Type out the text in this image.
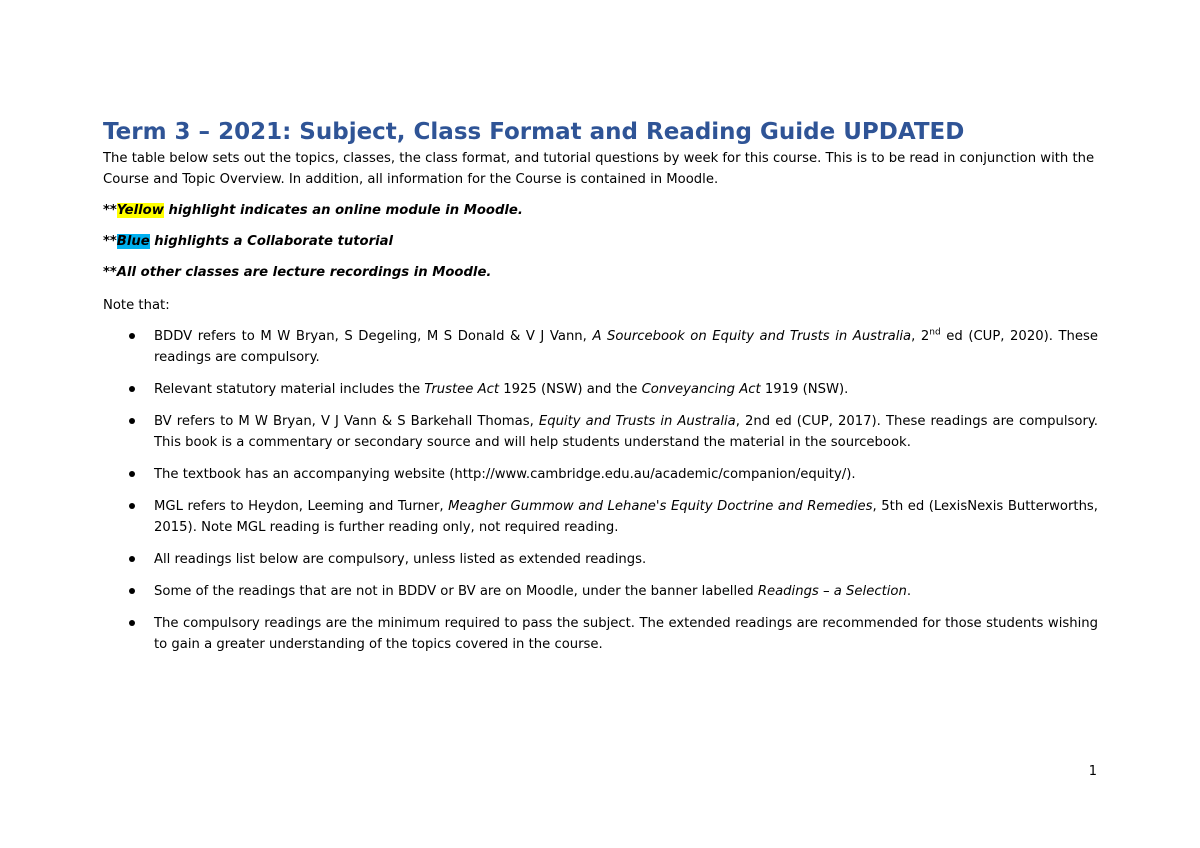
Term 3 – 2021: Subject, Class Format and Reading Guide UPDATED

The table below sets out the topics, classes, the class format, and tutorial questions by week for this course. This is to be read in conjunction with the Course and Topic Overview. In addition, all information for the Course is contained in Moodle.

**Yellow highlight indicates an online module in Moodle.

**Blue highlights a Collaborate tutorial

**All other classes are lecture recordings in Moodle.

Note that:

BDDV refers to M W Bryan, S Degeling, M S Donald & V J Vann, A Sourcebook on Equity and Trusts in Australia, 2nd ed (CUP, 2020). These readings are compulsory.
Relevant statutory material includes the Trustee Act 1925 (NSW) and the Conveyancing Act 1919 (NSW).
BV refers to M W Bryan, V J Vann & S Barkehall Thomas, Equity and Trusts in Australia, 2nd ed (CUP, 2017). These readings are compulsory. This book is a commentary or secondary source and will help students understand the material in the sourcebook.
The textbook has an accompanying website (http://www.cambridge.edu.au/academic/companion/equity/).
MGL refers to Heydon, Leeming and Turner, Meagher Gummow and Lehane's Equity Doctrine and Remedies, 5th ed (LexisNexis Butterworths, 2015). Note MGL reading is further reading only, not required reading.
All readings list below are compulsory, unless listed as extended readings.
Some of the readings that are not in BDDV or BV are on Moodle, under the banner labelled Readings – a Selection.
The compulsory readings are the minimum required to pass the subject. The extended readings are recommended for those students wishing to gain a greater understanding of the topics covered in the course.
1
